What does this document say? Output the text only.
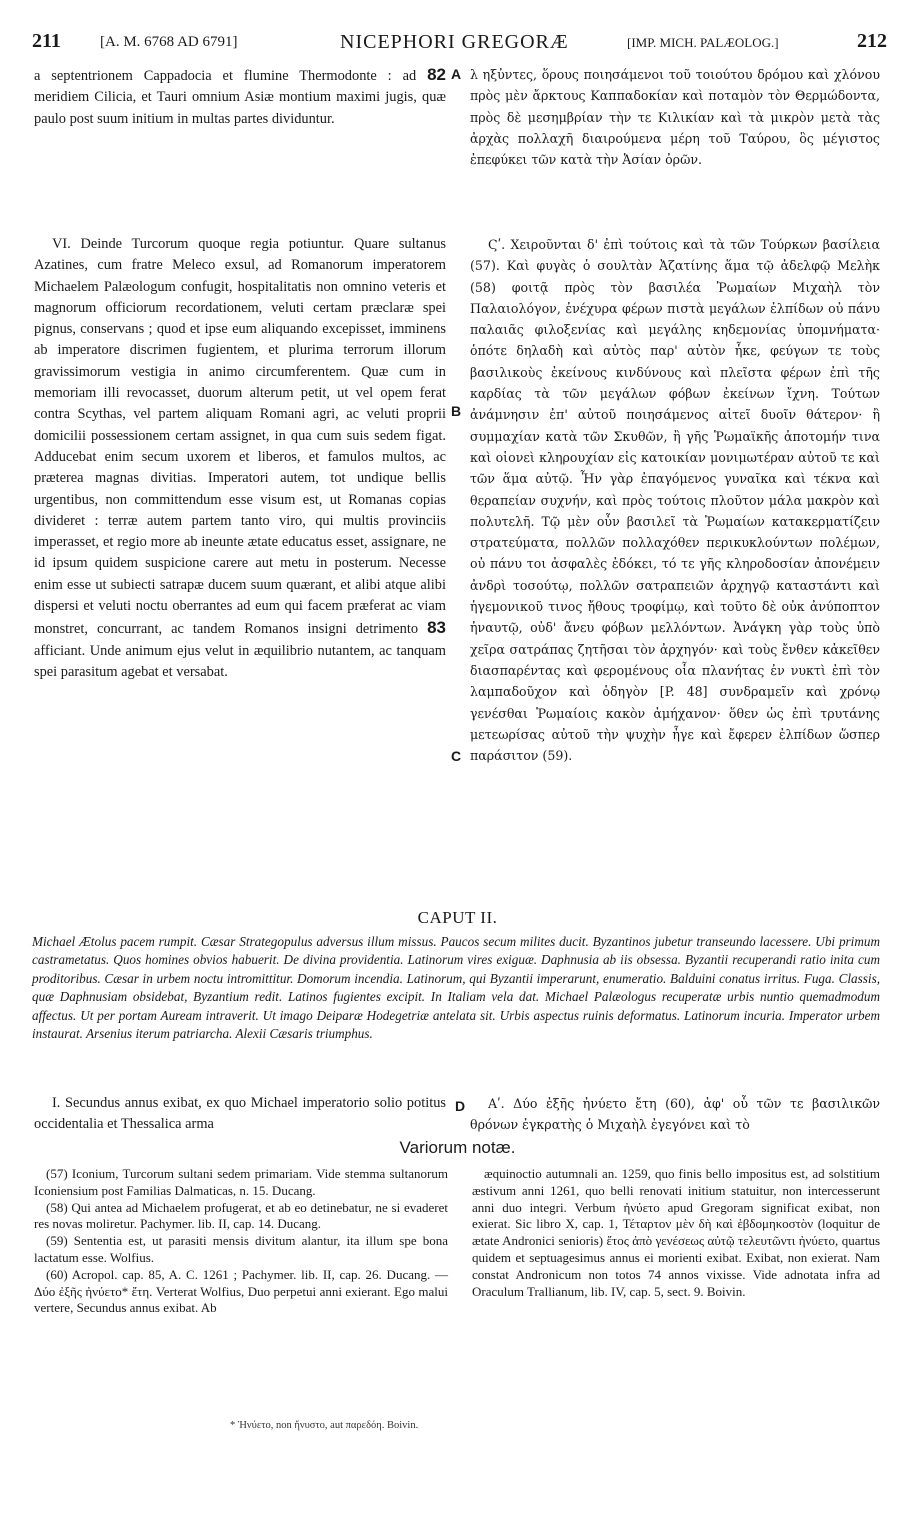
211	[A. M. 6768 AD 6791]	NICEPHORI GREGORÆ	[IMP. MICH. PALÆOLOG.]	212

a septentrionem Cappadocia et flumine Thermodonte : ad 82 meridiem Cilicia, et Tauri omnium Asiæ montium maximi jugis, quæ paulo post suum initium in multas partes dividuntur.

A λ ηξὐντες, ὅρους ποιησάμενοι τοῦ τοιούτου δρόμου καὶ χλόνου πρὸς μὲν ἄρκτους Καππαδοκίαν καὶ ποταμὸν τὸν Θερμώδοντα, πρὸς δὲ μεσημβρίαν τὴν τε Κιλικίαν καὶ τὰ μικρὸν μετὰ τὰς ἀρχὰς πολλαχῆ διαιρούμενα μέρη τοῦ Ταύρου, ὃς μέγιστος ἐπεφύκει τῶν κατὰ τὴν Ἀσίαν ὀρῶν.

VI. Deinde Turcorum quoque regia potiuntur. Quare sultanus Azatines, cum fratre Meleco exsul, ad Romanorum imperatorem Michaelem Palæologum confugit, hospitalitatis non omnino veteris et magnorum officiorum recordationem, veluti certam præclaræ spei pignus, conservans ; quod et ipse eum aliquando excepisset, imminens ab imperatore discrimen fugientem, et plurima terrorum illorum gravissimorum vestigia in animo circumferentem. Quæ cum in memoriam illi revocasset, duorum alterum petit, ut vel opem ferat contra Scythas, vel partem aliquam Romani agri, ac veluti proprii domicilii possessionem certam assignet, in qua cum suis sedem figat. Adducebat enim secum uxorem et liberos, et famulos multos, ac præterea magnas divitias. Imperatori autem, tot undique bellis urgentibus, non committendum esse visum est, ut Romanas copias divideret : terræ autem partem tanto viro, qui multis provinciis imperasset, et regio more ab ineunte ætate educatus esset, assignare, ne id ipsum quidem suspicione carere aut metu in posterum. Necesse enim esse ut subiecti satrapæ ducem suum quærant, et alibi atque alibi dispersi et veluti noctu oberrantes ad eum qui facem præferat ac viam monstret, concurrant, ac tandem Romanos insigni detrimento 83 afficiant. Unde animum ejus velut in æquilibrio nutantem, ac tanquam spei parasitum agebat et versabat.

B
C

Ϛʹ. Χειροῦνται δ' ἐπὶ τούτοις καὶ τὰ τῶν Τούρκων βασίλεια (57). Καὶ φυγὰς ὁ σουλτὰν Ἀζατίνης ἅμα τῷ ἀδελφῷ Μελὴκ (58) φοιτᾷ πρὸς τὸν βασιλέα Ῥωμαίων Μιχαὴλ τὸν Παλαιολόγον, ἐνέχυρα φέρων πιστὰ μεγάλων ἐλπίδων οὐ πάνυ παλαιᾶς φιλοξενίας καὶ μεγάλης κηδεμονίας ὑπομνήματα· ὁπότε δηλαδὴ καὶ αὐτὸς παρ' αὐτὸν ἧκε, φεύγων τε τοὺς βασιλικοὺς ἐκείνους κινδύνους καὶ πλεῖστα φέρων ἐπὶ τῆς καρδίας τὰ τῶν μεγάλων φόβων ἐκείνων ἴχνη. Τούτων ἀνάμνησιν ἐπ' αὐτοῦ ποιησάμενος αἰτεῖ δυοῖν θάτερον· ἢ συμμαχίαν κατὰ τῶν Σκυθῶν, ἢ γῆς Ῥωμαϊκῆς ἀποτομήν τινα καὶ οἱονεὶ κληρουχίαν εἰς κατοικίαν μονιμωτέραν αὐτοῦ τε καὶ τῶν ἅμα αὐτῷ. Ἦν γὰρ ἐπαγόμενος γυναῖκα καὶ τέκνα καὶ θεραπείαν συχνήν, καὶ πρὸς τούτοις πλοῦτον μάλα μακρὸν καὶ πολυτελῆ. Τῷ μὲν οὖν βασιλεῖ τὰ Ῥωμαίων κατακερματίζειν στρατεύματα, πολλῶν πολλαχόθεν περικυκλούντων πολέμων, οὐ πάνυ τοι ἀσφαλὲς ἐδόκει, τό τε γῆς κληροδοσίαν ἀπονέμειν ἀνδρὶ τοσούτῳ, πολλῶν σατραπειῶν ἀρχηγῷ καταστάντι καὶ ἡγεμονικοῦ τινος ἤθους τροφίμῳ, καὶ τοῦτο δὲ οὐκ ἀνύποπτον ἠναυτῷ, οὐδ' ἄνευ φόβων μελλόντων. Ἀνάγκη γὰρ τοὺς ὑπὸ χεῖρα σατράπας ζητῆσαι τὸν ἀρχηγόν· καὶ τοὺς ἔνθεν κἀκεῖθεν διασπαρέντας καὶ φερομένους οἷα πλανήτας ἐν νυκτὶ ἐπὶ τὸν λαμπαδοῦχον καὶ ὁδηγὸν [P. 48] συνδραμεῖν καὶ χρόνῳ γενέσθαι Ῥωμαίοις κακὸν ἀμήχανον· ὅθεν ὡς ἐπὶ τρυτάνης μετεωρίσας αὐτοῦ τὴν ψυχὴν ἦγε καὶ ἔφερεν ἐλπίδων ὥσπερ παράσιτον (59).

CAPUT II.
Michael Ætolus pacem rumpit. Cæsar Strategopulus adversus illum missus. Paucos secum milites ducit. Byzantinos jubetur transeundo lacessere. Ubi primum castrametatus. Quos homines obvios habuerit. De divina providentia. Latinorum vires exiguæ. Daphnusia ab iis obsessa. Byzantii recuperandi ratio inita cum proditoribus. Cæsar in urbem noctu intromittitur. Domorum incendia. Latinorum, qui Byzantii imperarunt, enumeratio. Balduini conatus irritus. Fuga. Classis, quæ Daphnusiam obsidebat, Byzantium redit. Latinos fugientes excipit. In Italiam vela dat. Michael Palæologus recuperatæ urbis nuntio quemadmodum affectus. Ut per portam Auream intraverit. Ut imago Deiparæ Hodegetriæ antelata sit. Urbis aspectus ruinis deformatus. Latinorum incuria. Imperator urbem instaurat. Arsenius iterum patriarcha. Alexii Cæsaris triumphus.

I. Secundus annus exibat, ex quo Michael imperatorio solio potitus occidentalia et Thessalica arma

D	Αʹ. Δύο ἐξῆς ἠνύετο ἔτη (60), ἀφ' οὗ τῶν τε βασιλικῶν θρόνων ἐγκρατὴς ὁ Μιχαὴλ ἐγεγόνει καὶ τὸ

Variorum notæ.

(57) Iconium, Turcorum sultani sedem primariam. Vide stemma sultanorum Iconiensium post Familias Dalmaticas, n. 15. Ducang.

(58) Qui antea ad Michaelem profugerat, et ab eo detinebatur, ne si evaderet res novas moliretur. Pachymer. lib. II, cap. 14. Ducang.

(59) Sententia est, ut parasiti mensis divitum alantur, ita illum spe bona lactatum esse. Wolfius.

(60) Acropol. cap. 85, A. C. 1261 ; Pachymer. lib. II, cap. 26. Ducang. — Δύο ἐξῆς ἠνύετο* ἔτη. Verterat Wolfius, Duo perpetui anni exierant. Ego malui vertere, Secundus annus exibat. Ab

æquinoctio autumnali an. 1259, quo finis bello impositus est, ad solstitium æstivum anni 1261, quo belli renovati initium statuitur, non intercesserunt anni duo integri. Verbum ἠνύετο apud Gregoram significat exibat, non exierat. Sic libro X, cap. 1, Τέταρτον μὲν δὴ καὶ ἑβδομηκοστὸν (loquitur de ætate Andronici senioris) ἔτος ἀπὸ γενέσεως αὐτῷ τελευτῶντι ἠνύετο, quartus quidem et septuagesimus annus ei morienti exibat. Exibat, non exierat. Nam constat Andronicum non totos 74 annos vixisse. Vide adnotata infra ad Oraculum Trallianum, lib. IV, cap. 5, sect. 9. Boivin.

* Ἠνύετο, non ἤνυστο, aut παρεδόη. Boivin.
